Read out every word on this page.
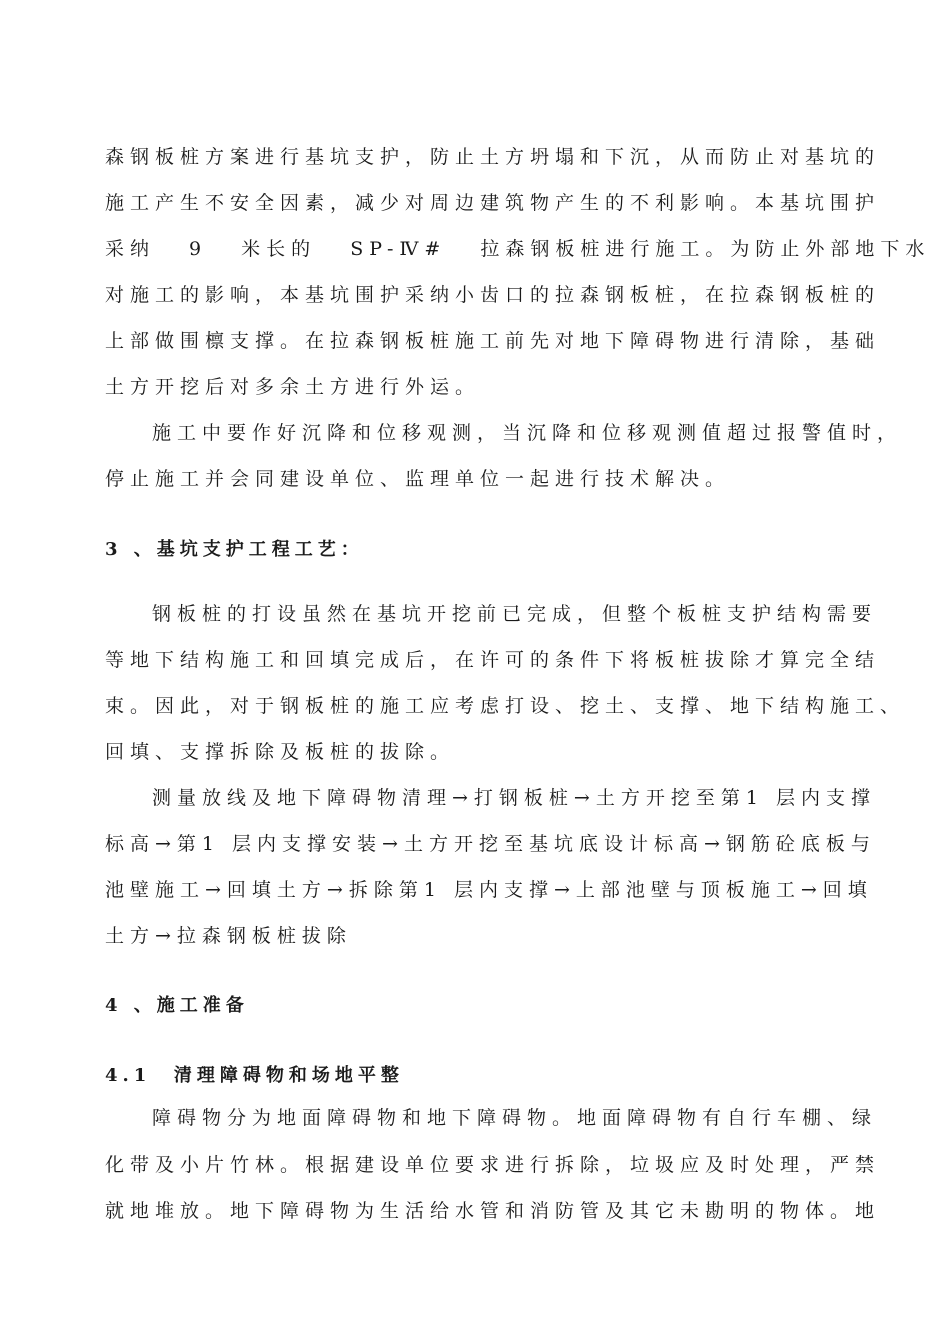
森钢板桩方案进行基坑支护，防止土方坍塌和下沉，从而防止对基坑的
施工产生不安全因素，减少对周边建筑物产生的不利影响。本基坑围护
采纳 9 米长的 SP-Ⅳ# 拉森钢板桩进行施工。为防止外部地下水
对施工的影响，本基坑围护采纳小齿口的拉森钢板桩，在拉森钢板桩的
上部做围檩支撑。在拉森钢板桩施工前先对地下障碍物进行清除，基础
土方开挖后对多余土方进行外运。
施工中要作好沉降和位移观测，当沉降和位移观测值超过报警值时，
停止施工并会同建设单位、监理单位一起进行技术解决。
3 、基坑支护工程工艺：
钢板桩的打设虽然在基坑开挖前已完成，但整个板桩支护结构需要
等地下结构施工和回填完成后，在许可的条件下将板桩拔除才算完全结
束。因此，对于钢板桩的施工应考虑打设、挖土、支撑、地下结构施工、
回填、支撑拆除及板桩的拔除。
测量放线及地下障碍物清理→打钢板桩→土方开挖至第1 层内支撑
标高→第1 层内支撑安装→土方开挖至基坑底设计标高→钢筋砼底板与
池壁施工→回填土方→拆除第1 层内支撑→上部池壁与顶板施工→回填
土方→拉森钢板桩拔除
4 、施工准备
4.1  清理障碍物和场地平整
障碍物分为地面障碍物和地下障碍物。地面障碍物有自行车棚、绿
化带及小片竹林。根据建设单位要求进行拆除，垃圾应及时处理，严禁
就地堆放。地下障碍物为生活给水管和消防管及其它未勘明的物体。地
